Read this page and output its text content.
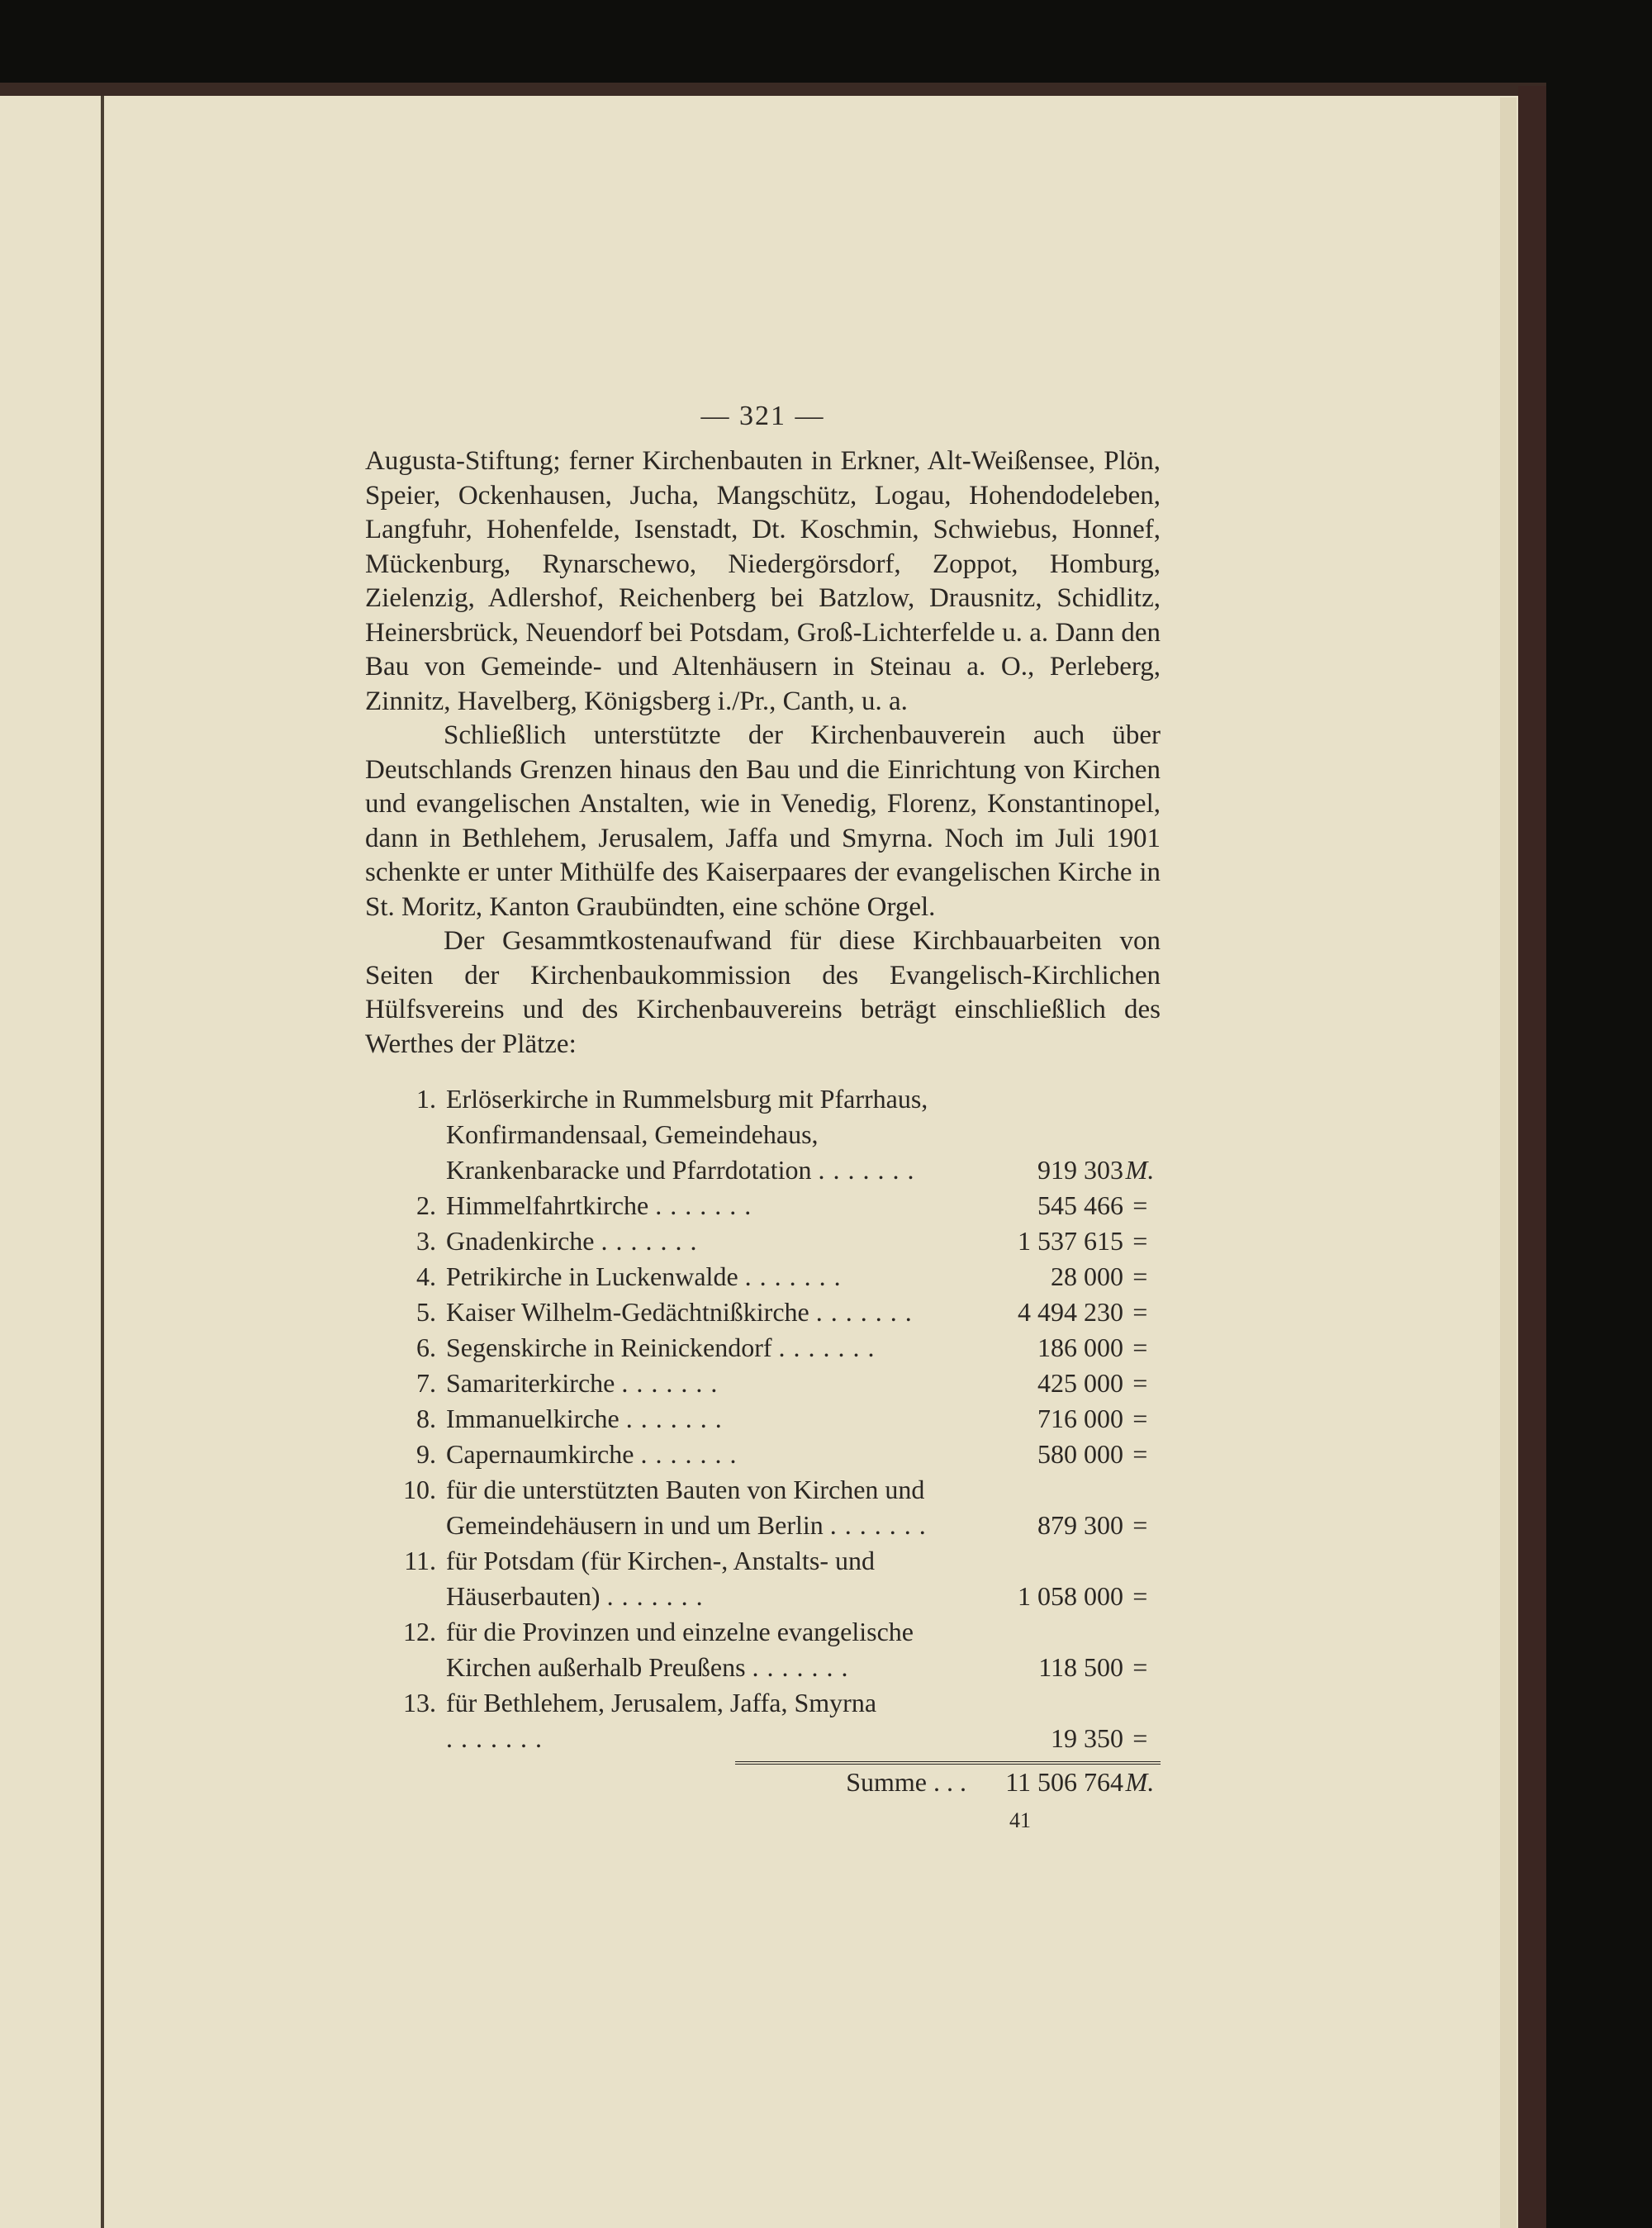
— 321 —

Augusta-Stiftung; ferner Kirchenbauten in Erkner, Alt-Weißensee, Plön, Speier, Ockenhausen, Jucha, Mangschütz, Logau, Hohendodeleben, Langfuhr, Hohenfelde, Isenstadt, Dt. Koschmin, Schwiebus, Honnef, Mückenburg, Rynarschewo, Niedergörsdorf, Zoppot, Homburg, Zielenzig, Adlershof, Reichenberg bei Batzlow, Drausnitz, Schidlitz, Heinersbrück, Neuendorf bei Potsdam, Groß-Lichterfelde u. a. Dann den Bau von Gemeinde- und Altenhäusern in Steinau a. O., Perleberg, Zinnitz, Havelberg, Königsberg i./Pr., Canth, u. a.

Schließlich unterstützte der Kirchenbauverein auch über Deutschlands Grenzen hinaus den Bau und die Einrichtung von Kirchen und evangelischen Anstalten, wie in Venedig, Florenz, Konstantinopel, dann in Bethlehem, Jerusalem, Jaffa und Smyrna. Noch im Juli 1901 schenkte er unter Mithülfe des Kaiserpaares der evangelischen Kirche in St. Moritz, Kanton Graubündten, eine schöne Orgel.

Der Gesammtkostenaufwand für diese Kirchbauarbeiten von Seiten der Kirchenbaukommission des Evangelisch-Kirchlichen Hülfsvereins und des Kirchenbauvereins beträgt einschließlich des Werthes der Plätze:

1. Erlöserkirche in Rummelsburg mit Pfarrhaus, Konfirmandensaal, Gemeindehaus, Krankenbaracke und Pfarrdotation .......	919 303 M.
2. Himmelfahrtkirche .......	545 466 =
3. Gnadenkirche .......	1 537 615 =
4. Petrikirche in Luckenwalde .......	28 000 =
5. Kaiser Wilhelm-Gedächtnißkirche .......	4 494 230 =
6. Segenskirche in Reinickendorf .......	186 000 =
7. Samariterkirche .......	425 000 =
8. Immanuelkirche .......	716 000 =
9. Capernaumkirche .......	580 000 =
10. für die unterstützten Bauten von Kirchen und Gemeindehäusern in und um Berlin .......	879 300 =
11. für Potsdam (für Kirchen-, Anstalts- und Häuserbauten) .......	1 058 000 =
12. für die Provinzen und einzelne evangelische Kirchen außerhalb Preußens .......	118 500 =
13. für Bethlehem, Jerusalem, Jaffa, Smyrna .......	19 350 =
Summe . . .	11 506 764 M.
41
